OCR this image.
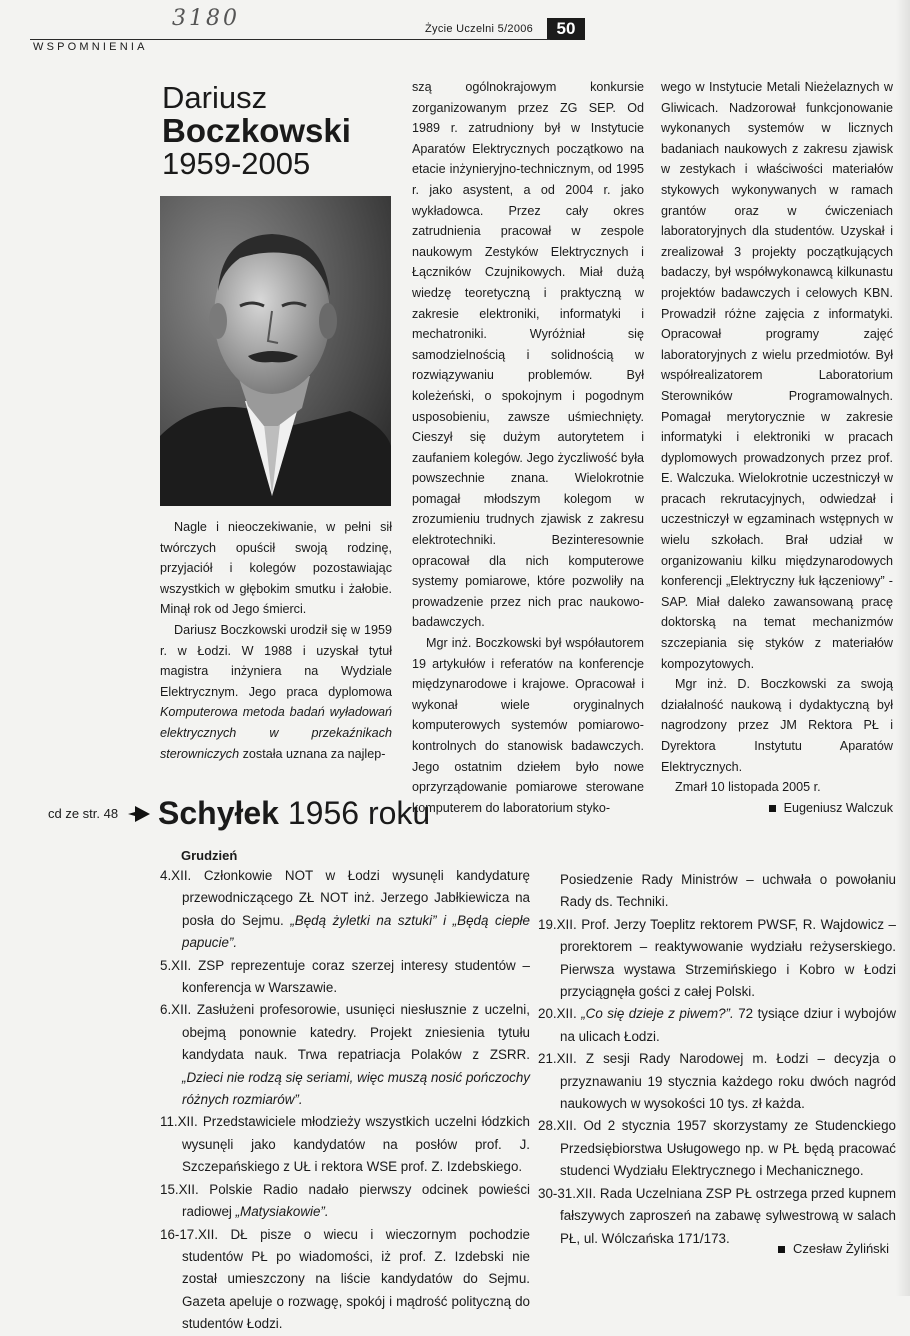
3180	Życie Uczelni 5/2006	50
WSPOMNIENIA
Dariusz
Boczkowski
1959-2005

Nagle i nieoczekiwanie, w pełni sił twórczych opuścił swoją rodzinę, przyjaciół i kolegów pozostawiając wszystkich w głębokim smutku i żałobie. Minął rok od Jego śmierci.

Dariusz Boczkowski urodził się w 1959 r. w Łodzi. W 1988 i uzyskał tytuł magistra inżyniera na Wydziale Elektrycznym. Jego praca dyplomowa Komputerowa metoda badań wyładowań elektrycznych w przekaźnikach sterowniczych została uznana za najlep-

szą ogólnokrajowym konkursie zorganizowanym przez ZG SEP. Od 1989 r. zatrudniony był w Instytucie Aparatów Elektrycznych początkowo na etacie inżynieryjno-technicznym, od 1995 r. jako asystent, a od 2004 r. jako wykładowca. Przez cały okres zatrudnienia pracował w zespole naukowym Zestyków Elektrycznych i Łączników Czujnikowych. Miał dużą wiedzę teoretyczną i praktyczną w zakresie elektroniki, informatyki i mechatroniki. Wyróżniał się samodzielnością i solidnością w rozwiązywaniu problemów. Był koleżeński, o spokojnym i pogodnym usposobieniu, zawsze uśmiechnięty. Cieszył się dużym autorytetem i zaufaniem kolegów. Jego życzliwość była powszechnie znana. Wielokrotnie pomagał młodszym kolegom w zrozumieniu trudnych zjawisk z zakresu elektrotechniki. Bezinteresownie opracował dla nich komputerowe systemy pomiarowe, które pozwoliły na prowadzenie przez nich prac naukowo-badawczych.

Mgr inż. Boczkowski był współautorem 19 artykułów i referatów na konferencje międzynarodowe i krajowe. Opracował i wykonał wiele oryginalnych komputerowych systemów pomiarowo-kontrolnych do stanowisk badawczych. Jego ostatnim dziełem było nowe oprzyrządowanie pomiarowe sterowane komputerem do laboratorium styko-

wego w Instytucie Metali Nieżelaznych w Gliwicach. Nadzorował funkcjonowanie wykonanych systemów w licznych badaniach naukowych z zakresu zjawisk w zestykach i właściwości materiałów stykowych wykonywanych w ramach grantów oraz w ćwiczeniach laboratoryjnych dla studentów. Uzyskał i zrealizował 3 projekty początkujących badaczy, był współwykonawcą kilkunastu projektów badawczych i celowych KBN. Prowadził różne zajęcia z informatyki. Opracował programy zajęć laboratoryjnych z wielu przedmiotów. Był współrealizatorem Laboratorium Sterowników Programowalnych. Pomagał merytorycznie w zakresie informatyki i elektroniki w pracach dyplomowych prowadzonych przez prof. E. Walczuka. Wielokrotnie uczestniczył w pracach rekrutacyjnych, odwiedzał i uczestniczył w egzaminach wstępnych w wielu szkołach. Brał udział w organizowaniu kilku międzynarodowych konferencji „Elektryczny łuk łączeniowy” - SAP. Miał daleko zawansowaną pracę doktorską na temat mechanizmów szczepiania się styków z materiałów kompozytowych.

Mgr inż. D. Boczkowski za swoją działalność naukową i dydaktyczną był nagrodzony przez JM Rektora PŁ i Dyrektora Instytutu Aparatów Elektrycznych.

Zmarł 10 listopada 2005 r.

Eugeniusz Walczuk

cd ze str. 48 Schyłek 1956 roku
Grudzień

4.XII. Członkowie NOT w Łodzi wysunęli kandydaturę przewodniczącego ZŁ NOT inż. Jerzego Jabłkiewicza na posła do Sejmu. „Będą żyletki na sztuki” i „Będą ciepłe papucie”.

5.XII. ZSP reprezentuje coraz szerzej interesy studentów – konferencja w Warszawie.

6.XII. Zasłużeni profesorowie, usunięci niesłusznie z uczelni, obejmą ponownie katedry. Projekt zniesienia tytułu kandydata nauk. Trwa repatriacja Polaków z ZSRR. „Dzieci nie rodzą się seriami, więc muszą nosić pończochy różnych rozmiarów”.

11.XII. Przedstawiciele młodzieży wszystkich uczelni łódzkich wysunęli jako kandydatów na posłów prof. J. Szczepańskiego z UŁ i rektora WSE prof. Z. Izdebskiego.

15.XII. Polskie Radio nadało pierwszy odcinek powieści radiowej „Matysiakowie”.

16-17.XII. DŁ pisze o wiecu i wieczornym pochodzie studentów PŁ po wiadomości, iż prof. Z. Izdebski nie został umieszczony na liście kandydatów do Sejmu. Gazeta apeluje o rozwagę, spokój i mądrość polityczną do studentów Łodzi.

Posiedzenie Rady Ministrów – uchwała o powołaniu Rady ds. Techniki.

19.XII. Prof. Jerzy Toeplitz rektorem PWSF, R. Wajdowicz – prorektorem – reaktywowanie wydziału reżyserskiego. Pierwsza wystawa Strzemińskiego i Kobro w Łodzi przyciągnęła gości z całej Polski.

20.XII. „Co się dzieje z piwem?”. 72 tysiące dziur i wybojów na ulicach Łodzi.

21.XII. Z sesji Rady Narodowej m. Łodzi – decyzja o przyznawaniu 19 stycznia każdego roku dwóch nagród naukowych w wysokości 10 tys. zł każda.

28.XII. Od 2 stycznia 1957 skorzystamy ze Studenckiego Przedsiębiorstwa Usługowego np. w PŁ będą pracować studenci Wydziału Elektrycznego i Mechanicznego.

30-31.XII. Rada Uczelniana ZSP PŁ ostrzega przed kupnem fałszywych zaproszeń na zabawę sylwestrową w salach PŁ, ul. Wólczańska 171/173.

Czesław Żyliński
